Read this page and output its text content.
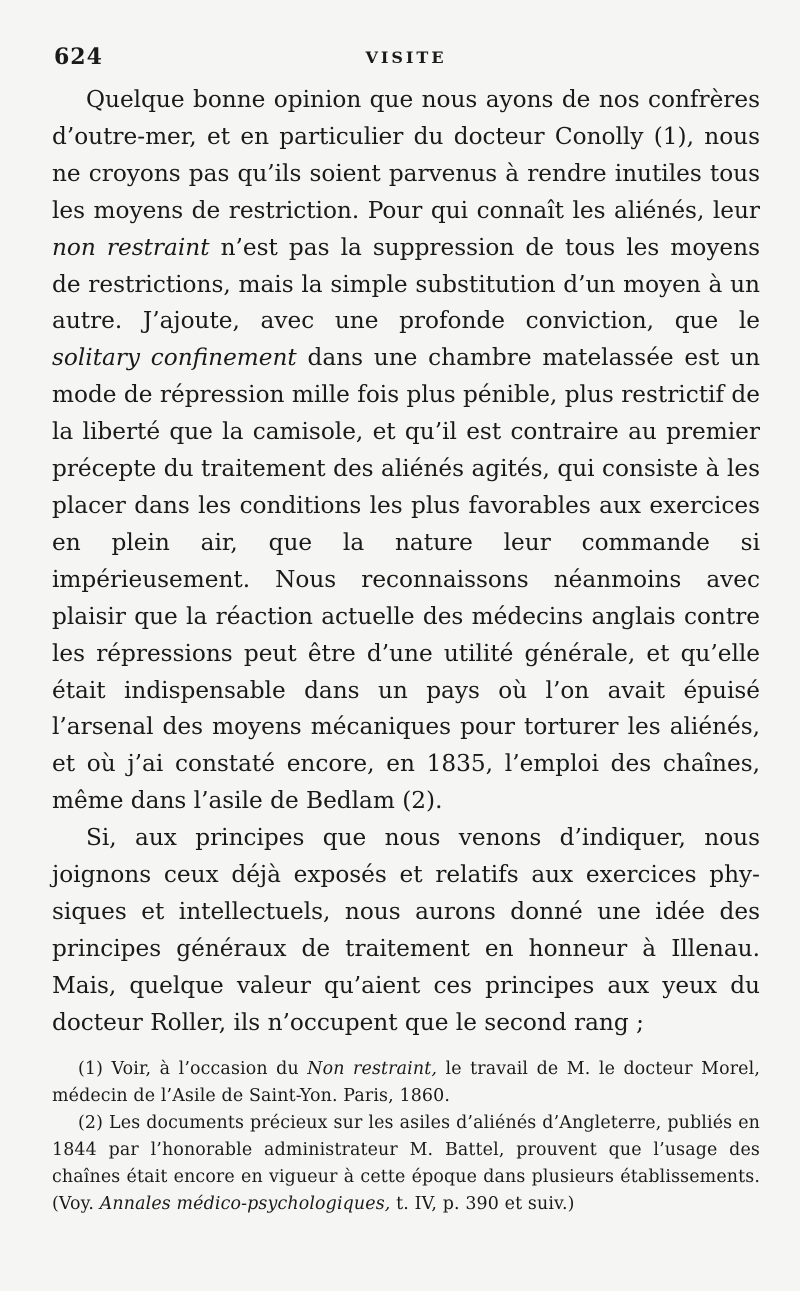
624	VISITE

Quelque bonne opinion que nous ayons de nos confrères d’outre-mer, et en particulier du docteur Conolly (1), nous ne croyons pas qu’ils soient parvenus à rendre inutiles tous les moyens de restriction. Pour qui connaît les aliénés, leur non restraint n’est pas la suppression de tous les moyens de restrictions, mais la simple substitution d’un moyen à un autre. J’ajoute, avec une profonde conviction, que le solitary confinement dans une chambre matelassée est un mode de répression mille fois plus pénible, plus restrictif de la liberté que la camisole, et qu’il est contraire au premier précepte du traitement des aliénés agités, qui consiste à les placer dans les conditions les plus favorables aux exercices en plein air, que la nature leur commande si impérieusement. Nous reconnaissons néanmoins avec plaisir que la réaction actuelle des médecins anglais contre les répressions peut être d’une utilité générale, et qu’elle était indispensable dans un pays où l’on avait épuisé l’arsenal des moyens mécaniques pour torturer les aliénés, et où j’ai constaté encore, en 1835, l’emploi des chaînes, même dans l’asile de Bedlam (2).

Si, aux principes que nous venons d’indiquer, nous joignons ceux déjà exposés et relatifs aux exercices physiques et intellectuels, nous aurons donné une idée des principes généraux de traitement en honneur à Illenau. Mais, quelque valeur qu’aient ces principes aux yeux du docteur Roller, ils n’occupent que le second rang ;

(1) Voir, à l’occasion du Non restraint, le travail de M. le docteur Morel, médecin de l’Asile de Saint-Yon. Paris, 1860.

(2) Les documents précieux sur les asiles d’aliénés d’Angleterre, publiés en 1844 par l’honorable administrateur M. Battel, prouvent que l’usage des chaînes était encore en vigueur à cette époque dans plusieurs établissements. (Voy. Annales médico-psychologiques, t. IV, p. 390 et suiv.)
